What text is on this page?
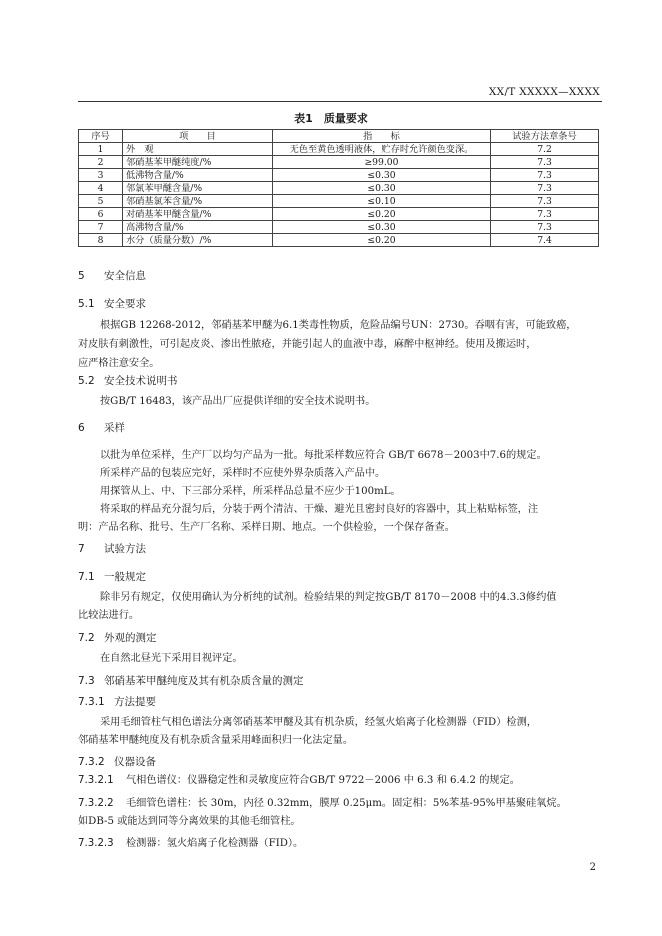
XX/T XXXXX—XXXX
表1　质量要求
序号	项　　目	指　　标	试验方法章条号
1	外　观	无色至黄色透明液体，贮存时允许颜色变深。	7.2
2	邻硝基苯甲醚纯度/%	≥99.00	7.3
3	低沸物含量/%	≤0.30	7.3
4	邻氯苯甲醚含量/%	≤0.30	7.3
5	邻硝基氯苯含量/%	≤0.10	7.3
6	对硝基苯甲醚含量/%	≤0.20	7.3
7	高沸物含量/%	≤0.30	7.3
8	水分（质量分数）/%	≤0.20	7.4
5 安全信息
5.1 安全要求
根据GB 12268-2012，邻硝基苯甲醚为6.1类毒性物质，危险品编号UN：2730。吞咽有害，可能致癌，
对皮肤有刺激性，可引起皮炎、渗出性脓疮，并能引起人的血液中毒，麻醉中枢神经。使用及搬运时，
应严格注意安全。
5.2 安全技术说明书
按GB/T 16483，该产品出厂应提供详细的安全技术说明书。
6 采样
以批为单位采样，生产厂以均匀产品为一批。每批采样数应符合 GB/T 6678－2003中7.6的规定。
所采样产品的包装应完好，采样时不应使外界杂质落入产品中。
用探管从上、中、下三部分采样，所采样品总量不应少于100mL。
将采取的样品充分混匀后，分装于两个清洁、干燥、避光且密封良好的容器中，其上粘贴标签，注
明：产品名称、批号、生产厂名称、采样日期、地点。一个供检验，一个保存备查。
7 试验方法
7.1 一般规定
除非另有规定，仅使用确认为分析纯的试剂。检验结果的判定按GB/T 8170－2008 中的4.3.3修约值
比较法进行。
7.2 外观的测定
在自然北昼光下采用目视评定。
7.3 邻硝基苯甲醚纯度及其有机杂质含量的测定
7.3.1 方法提要
采用毛细管柱气相色谱法分离邻硝基苯甲醚及其有机杂质，经氢火焰离子化检测器（FID）检测，
邻硝基苯甲醚纯度及有机杂质含量采用峰面积归一化法定量。
7.3.2 仪器设备
7.3.2.1 气相色谱仪：仪器稳定性和灵敏度应符合GB/T 9722－2006 中 6.3 和 6.4.2 的规定。
7.3.2.2 毛细管色谱柱：长 30m，内径 0.32mm，膜厚 0.25μm。固定相：5%苯基-95%甲基聚硅氧烷。
如DB-5 或能达到同等分离效果的其他毛细管柱。
7.3.2.3 检测器：氢火焰离子化检测器（FID）。
2
